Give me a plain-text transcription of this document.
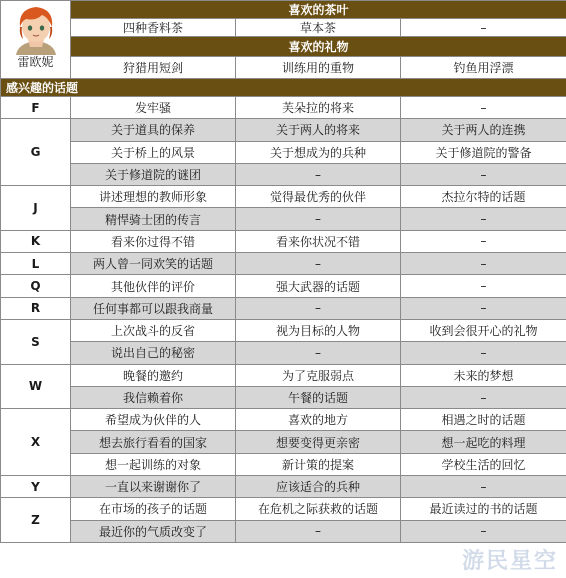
雷欧妮	喜欢的茶叶		
	四种香料茶	草本茶	–
	喜欢的礼物		
	狩猎用短剑	训练用的重物	钓鱼用浮漂
感兴趣的话题			
F	发牢骚	芙朵拉的将来	–
G	关于道具的保养	关于两人的将来	关于两人的连携
	关于桥上的风景	关于想成为的兵种	关于修道院的警备
	关于修道院的谜团	–	–
J	讲述理想的教师形象	觉得最优秀的伙伴	杰拉尔特的话题
	精悍骑士团的传言	–	–
K	看来你过得不错	看来你状况不错	–
L	两人曾一同欢笑的话题	–	–
Q	其他伙伴的评价	强大武器的话题	–
R	任何事都可以跟我商量	–	–
S	上次战斗的反省	视为目标的人物	收到会很开心的礼物
	说出自己的秘密	–	–
W	晚餐的邀约	为了克服弱点	未来的梦想
	我信赖着你	午餐的话题	–
X	希望成为伙伴的人	喜欢的地方	相遇之时的话题
	想去旅行看看的国家	想要变得更亲密	想一起吃的料理
	想一起训练的对象	新计策的提案	学校生活的回忆
Y	一直以来谢谢你了	应该适合的兵种	–
Z	在市场的孩子的话题	在危机之际获救的话题	最近读过的书的话题
	最近你的气质改变了	–	–
游民星空
